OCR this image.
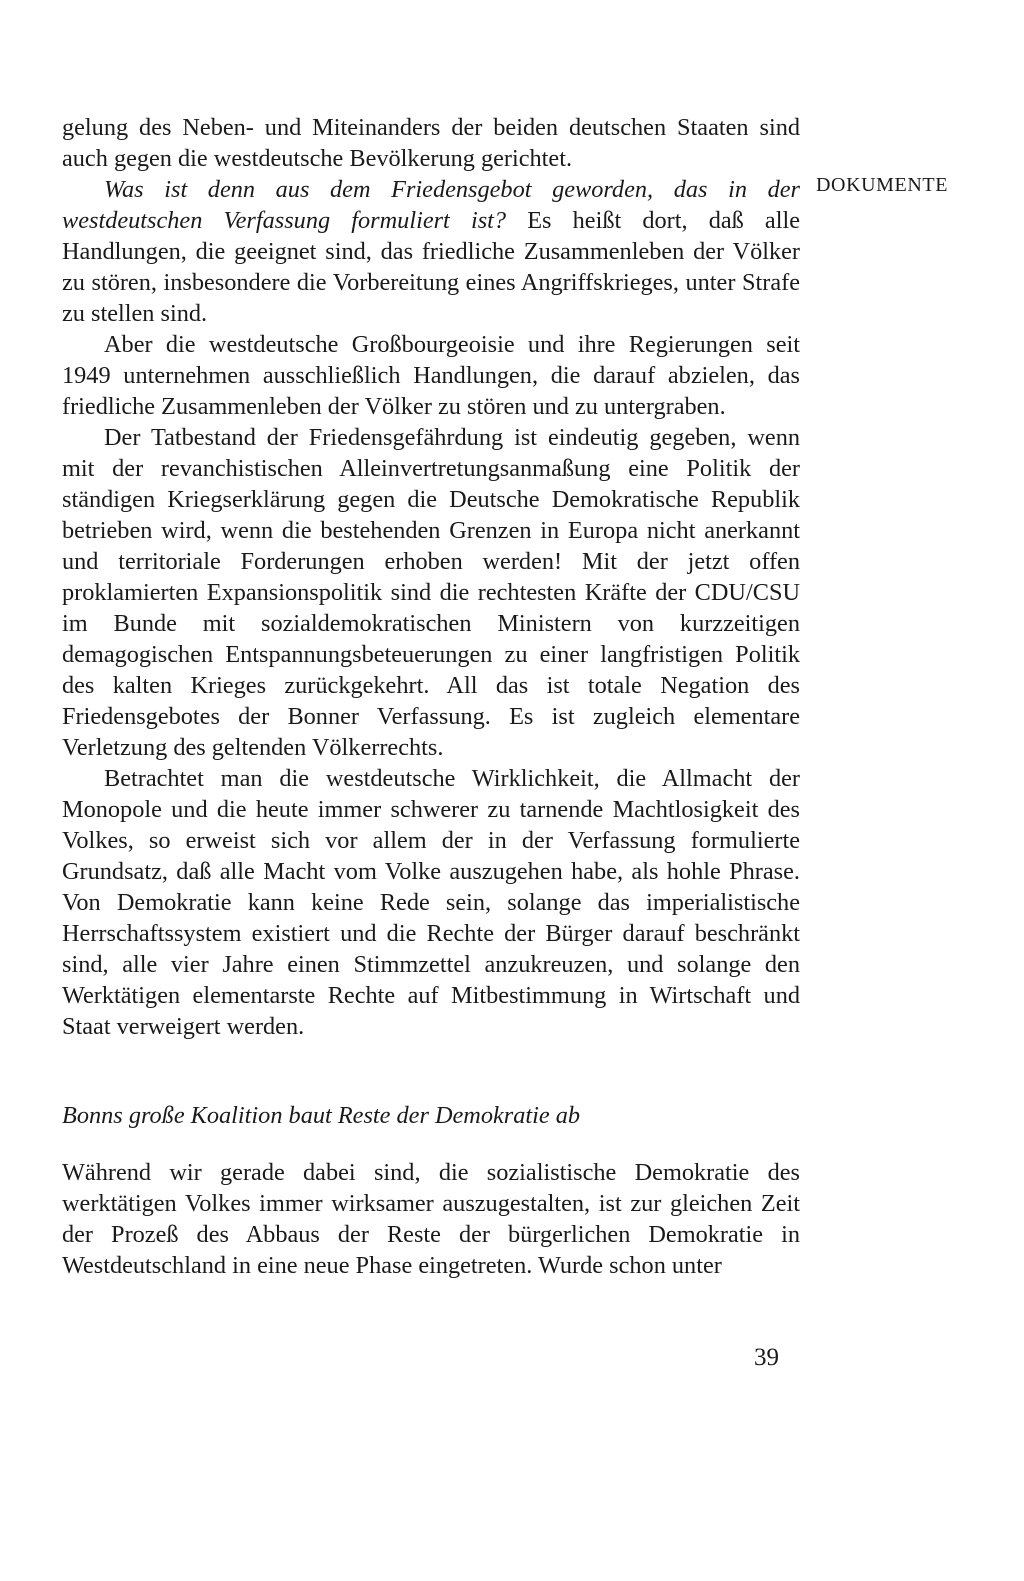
DOKUMENTE

gelung des Neben- und Miteinanders der beiden deutschen Staaten sind auch gegen die westdeutsche Bevölkerung gerichtet.

Was ist denn aus dem Friedensgebot geworden, das in der westdeutschen Verfassung formuliert ist? Es heißt dort, daß alle Handlungen, die geeignet sind, das friedliche Zusammenleben der Völker zu stören, insbesondere die Vorbereitung eines Angriffskrieges, unter Strafe zu stellen sind.

Aber die westdeutsche Großbourgeoisie und ihre Regierungen seit 1949 unternehmen ausschließlich Handlungen, die darauf abzielen, das friedliche Zusammenleben der Völker zu stören und zu untergraben.

Der Tatbestand der Friedensgefährdung ist eindeutig gegeben, wenn mit der revanchistischen Alleinvertretungsanmaßung eine Politik der ständigen Kriegserklärung gegen die Deutsche Demokratische Republik betrieben wird, wenn die bestehenden Grenzen in Europa nicht anerkannt und territoriale Forderungen erhoben werden! Mit der jetzt offen proklamierten Expansionspolitik sind die rechtesten Kräfte der CDU/CSU im Bunde mit sozialdemokratischen Ministern von kurzzeitigen demagogischen Entspannungsbeteuerungen zu einer langfristigen Politik des kalten Krieges zurückgekehrt. All das ist totale Negation des Friedensgebotes der Bonner Verfassung. Es ist zugleich elementare Verletzung des geltenden Völkerrechts.

Betrachtet man die westdeutsche Wirklichkeit, die Allmacht der Monopole und die heute immer schwerer zu tarnende Machtlosigkeit des Volkes, so erweist sich vor allem der in der Verfassung formulierte Grundsatz, daß alle Macht vom Volke auszugehen habe, als hohle Phrase. Von Demokratie kann keine Rede sein, solange das imperialistische Herrschaftssystem existiert und die Rechte der Bürger darauf beschränkt sind, alle vier Jahre einen Stimmzettel anzukreuzen, und solange den Werktätigen elementarste Rechte auf Mitbestimmung in Wirtschaft und Staat verweigert werden.

Bonns große Koalition baut Reste der Demokratie ab

Während wir gerade dabei sind, die sozialistische Demokratie des werktätigen Volkes immer wirksamer auszugestalten, ist zur gleichen Zeit der Prozeß des Abbaus der Reste der bürgerlichen Demokratie in Westdeutschland in eine neue Phase eingetreten. Wurde schon unter

39
